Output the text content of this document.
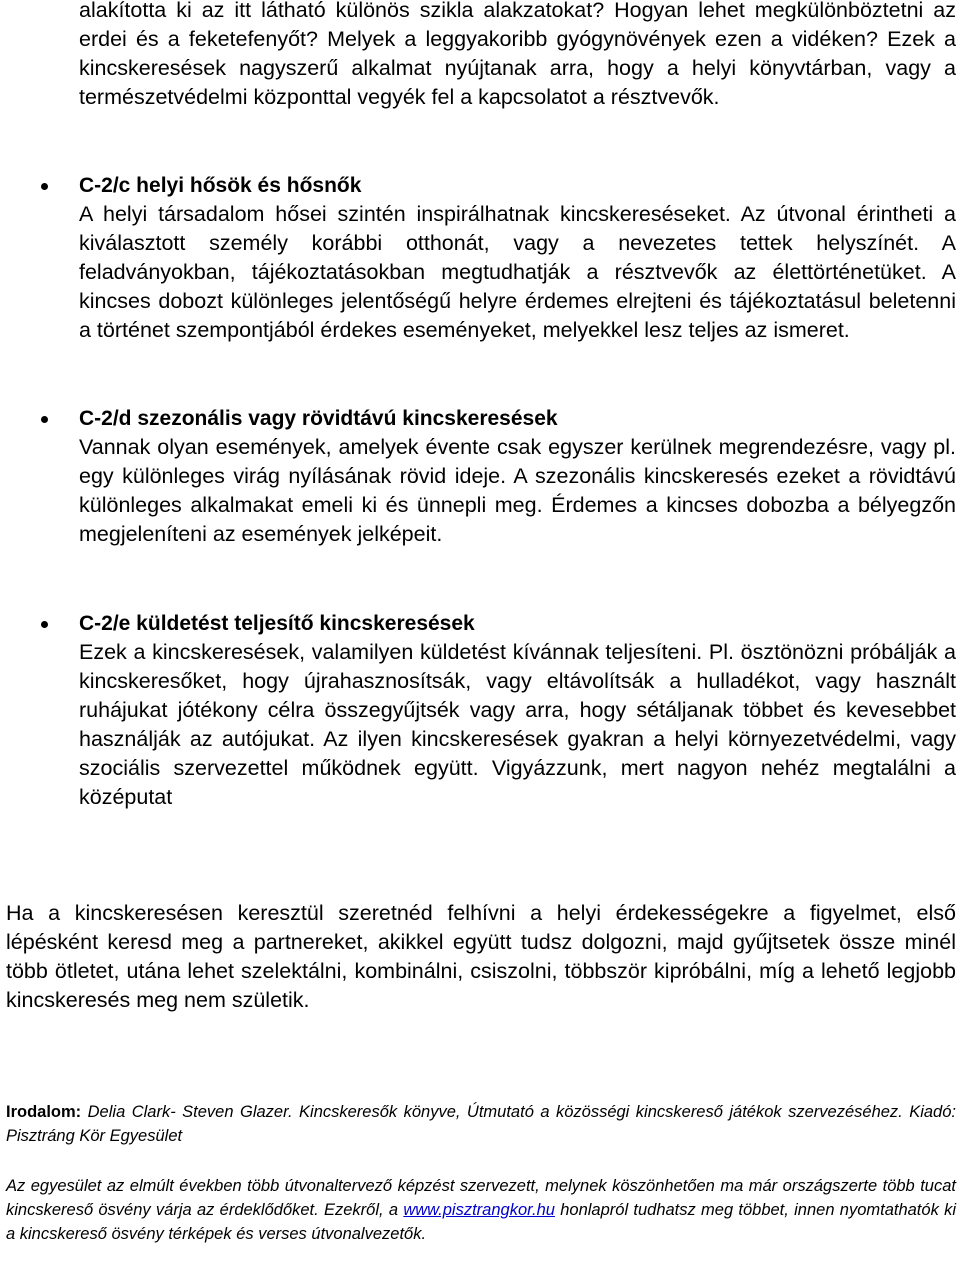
alakította ki az itt látható különös szikla alakzatokat? Hogyan lehet megkülönböztetni az erdei és a feketefenyőt? Melyek a leggyakoribb gyógynövények ezen a vidéken? Ezek a kincskeresések nagyszerű alkalmat nyújtanak arra, hogy a helyi könyvtárban, vagy a természetvédelmi központtal vegyék fel a kapcsolatot a résztvevők.

C-2/c helyi hősök és hősnők

A helyi társadalom hősei szintén inspirálhatnak kincskereséseket. Az útvonal érintheti a kiválasztott személy korábbi otthonát, vagy a nevezetes tettek helyszínét. A feladványokban, tájékoztatásokban megtudhatják a résztvevők az élettörténetüket. A kincses dobozt különleges jelentőségű helyre érdemes elrejteni és tájékoztatásul beletenni a történet szempontjából érdekes eseményeket, melyekkel lesz teljes az ismeret.

C-2/d szezonális vagy rövidtávú kincskeresések

Vannak olyan események, amelyek évente csak egyszer kerülnek megrendezésre, vagy pl. egy különleges virág nyílásának rövid ideje. A szezonális kincskeresés ezeket a rövidtávú különleges alkalmakat emeli ki és ünnepli meg. Érdemes a kincses dobozba a bélyegzőn megjeleníteni az események jelképeit.

C-2/e küldetést teljesítő kincskeresések

Ezek a kincskeresések, valamilyen küldetést kívánnak teljesíteni. Pl. ösztönözni próbálják a kincskeresőket, hogy újrahasznosítsák, vagy eltávolítsák a hulladékot, vagy használt ruhájukat jótékony célra összegyűjtsék vagy arra, hogy sétáljanak többet és kevesebbet használják az autójukat. Az ilyen kincskeresések gyakran a helyi környezetvédelmi, vagy szociális szervezettel működnek együtt. Vigyázzunk, mert nagyon nehéz megtalálni a középutat

Ha a kincskeresésen keresztül szeretnéd felhívni a helyi érdekességekre a figyelmet, első lépésként keresd meg a partnereket, akikkel együtt tudsz dolgozni, majd gyűjtsetek össze minél több ötletet, utána lehet szelektálni, kombinálni, csiszolni, többször kipróbálni, míg a lehető legjobb kincskeresés meg nem születik.

Irodalom: Delia Clark- Steven Glazer. Kincskeresők könyve, Útmutató a közösségi kincskereső játékok szervezéséhez. Kiadó: Pisztráng Kör Egyesület

Az egyesület az elmúlt években több útvonaltervező képzést szervezett, melynek köszönhetően ma már országszerte több tucat kincskereső ösvény várja az érdeklődőket. Ezekről, a www.pisztrangkor.hu honlapról tudhatsz meg többet, innen nyomtathatók ki a kincskereső ösvény térképek és verses útvonalvezetők.
